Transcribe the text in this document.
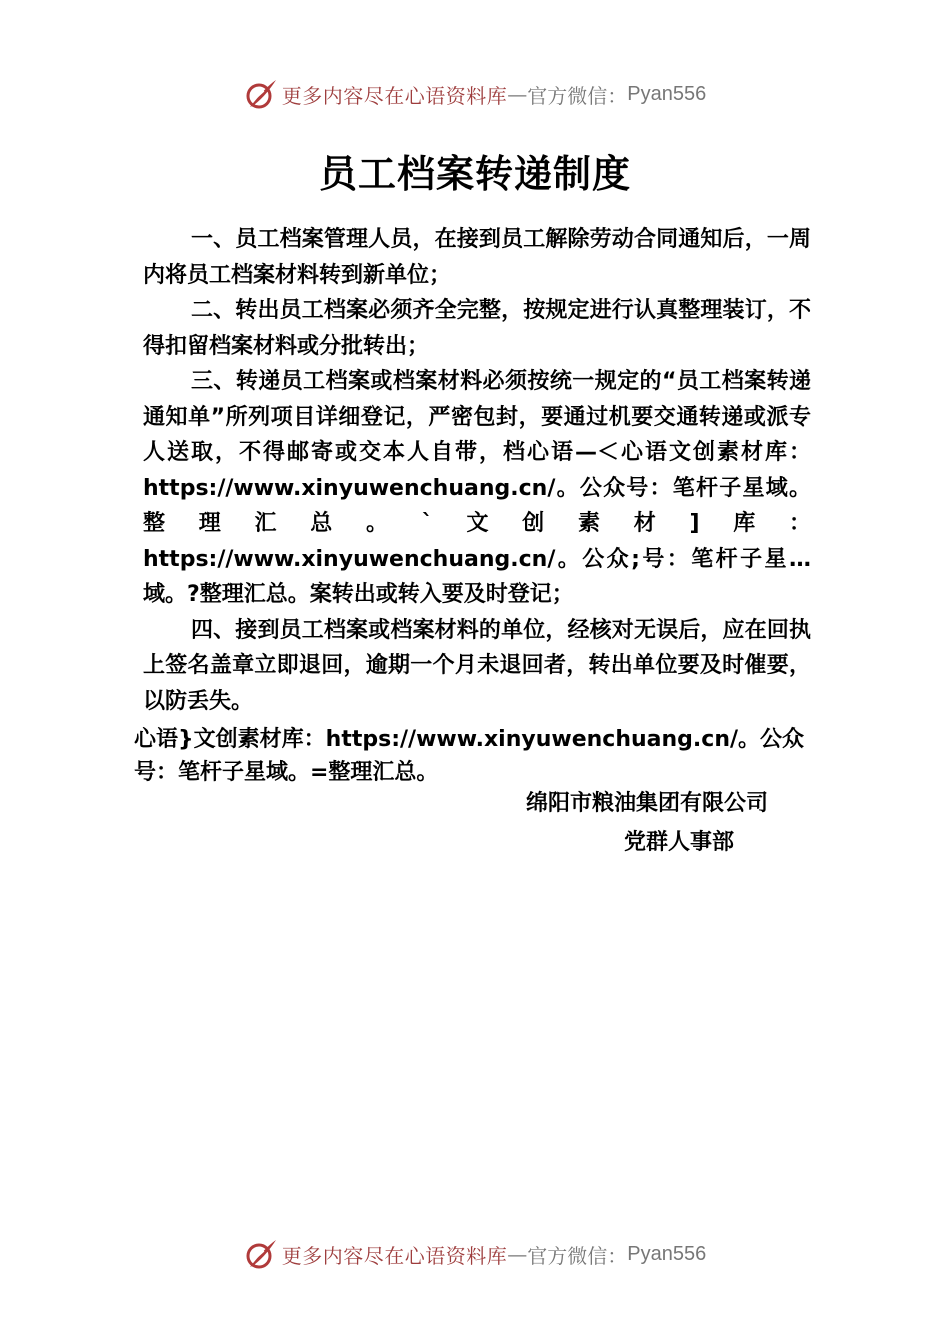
更多内容尽在心语资料库 — 官方微信： Pyan556
员工档案转递制度

一、员工档案管理人员，在接到员工解除劳动合同通知后，一周内将员工档案材料转到新单位；

二、转出员工档案必须齐全完整，按规定进行认真整理装订，不得扣留档案材料或分批转出；

三、转递员工档案或档案材料必须按统一规定的“员工档案转递通知单”所列项目详细登记，严密包封，要通过机要交通转递或派专人送取，不得邮寄或交本人自带，档心语—＜心语文创素材库：https://www.xinyuwenchuang.cn/。公众号：笔杆子星域。整理汇总。`文创素材]库：https://www.xinyuwenchuang.cn/。公众;号：笔杆子星…域。?整理汇总。案转出或转入要及时登记；

四、接到员工档案或档案材料的单位，经核对无误后，应在回执上签名盖章立即退回，逾期一个月未退回者，转出单位要及时催要，以防丢失。

心语}文创素材库：https://www.xinyuwenchuang.cn/。公众号：笔杆子星域。=整理汇总。
绵阳市粮油集团有限公司
党群人事部
更多内容尽在心语资料库 — 官方微信： Pyan556
